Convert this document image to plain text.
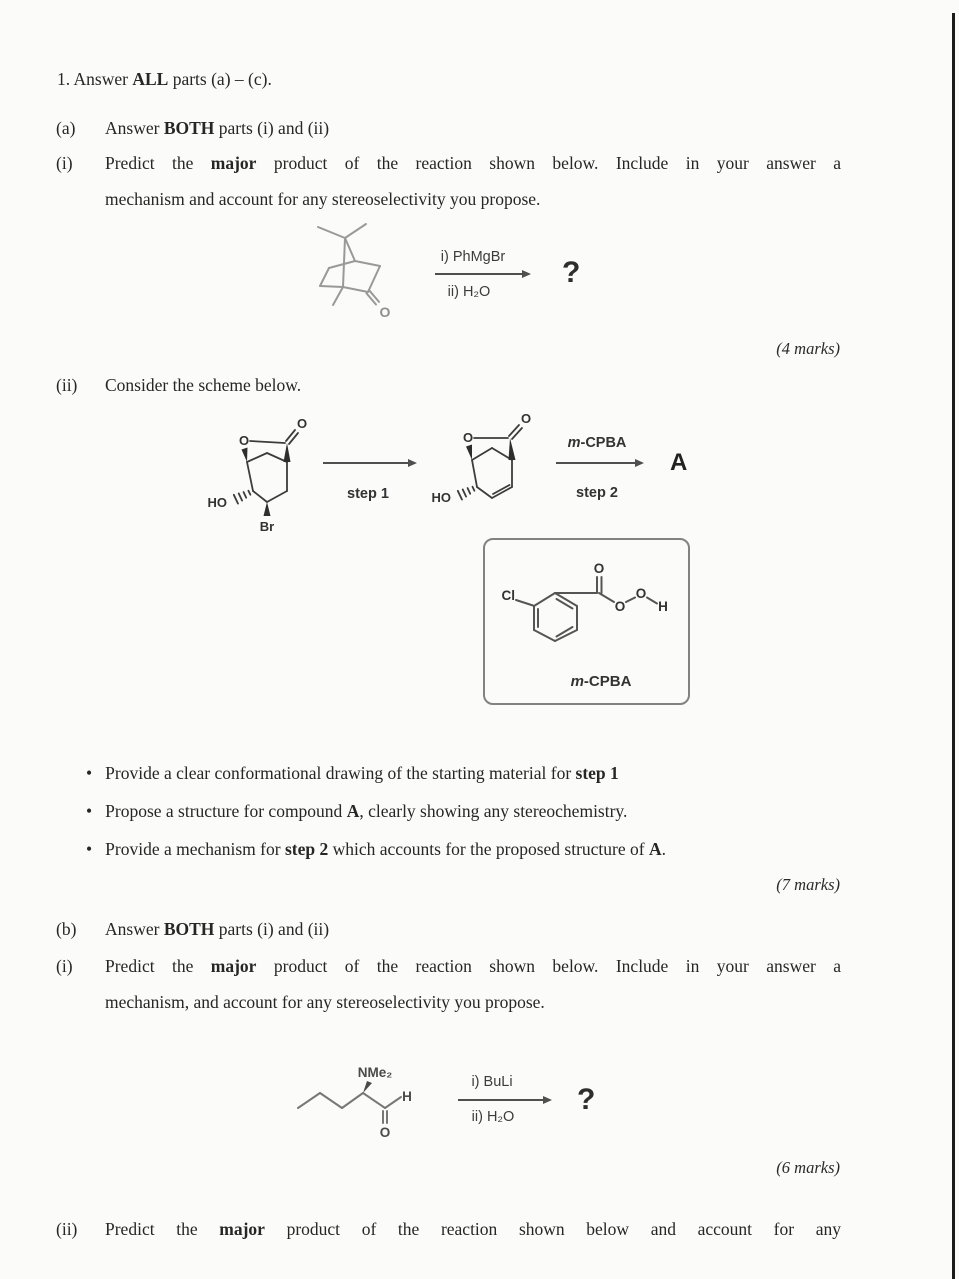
1. Answer ALL parts (a) – (c).
(a) Answer BOTH parts (i) and (ii)
(i) Predict the major product of the reaction shown below. Include in your answer a
mechanism and account for any stereoselectivity you propose.
O
i) PhMgBr
ii) H₂O
?
(4 marks)
(ii) Consider the scheme below.
O
O
HO
Br
step 1
O
O
HO
m-CPBA
step 2
A
Cl
O
O
O
H
m-CPBA
• Provide a clear conformational drawing of the starting material for step 1
• Propose a structure for compound A, clearly showing any stereochemistry.
• Provide a mechanism for step 2 which accounts for the proposed structure of A.
(7 marks)
(b) Answer BOTH parts (i) and (ii)
(i) Predict the major product of the reaction shown below. Include in your answer a
mechanism, and account for any stereoselectivity you propose.
NMe₂
H
O
i) BuLi
ii) H₂O
?
(6 marks)
(ii) Predict the major product of the reaction shown below and account for any
